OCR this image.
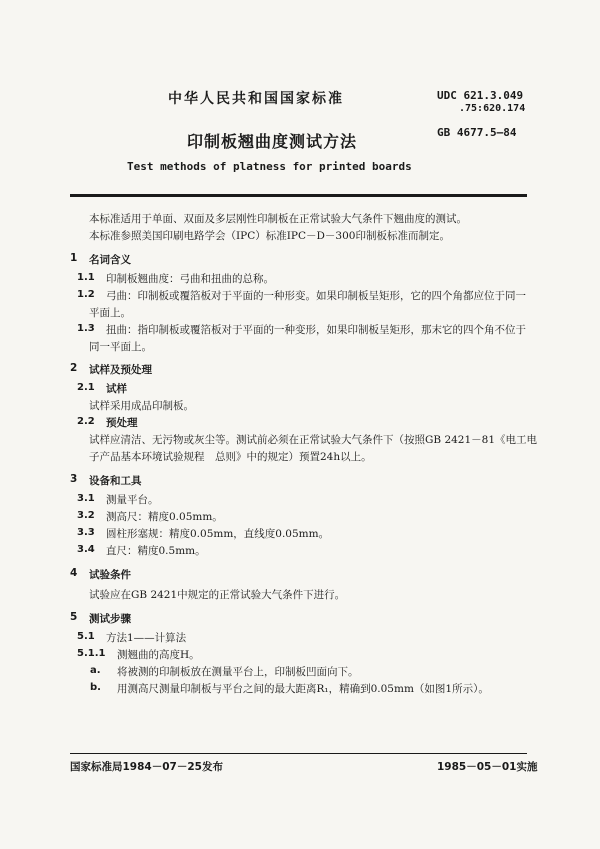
中华人民共和国国家标准	UDC 621.3.049
.75:620.174
印制板翘曲度测试方法	GB 4677.5—84
Test methods of platness for printed boards
本标准适用于单面、双面及多层刚性印制板在正常试验大气条件下翘曲度的测试。
本标准参照美国印刷电路学会（IPC）标准IPC－D－300印制板标准而制定。
1 名词含义
1.1 印制板翘曲度：弓曲和扭曲的总称。
1.2 弓曲：印制板或覆箔板对于平面的一种形变。如果印制板呈矩形，它的四个角都应位于同一
平面上。
1.3 扭曲：指印制板或覆箔板对于平面的一种变形，如果印制板呈矩形，那末它的四个角不位于
同一平面上。
2 试样及预处理
2.1 试样
试样采用成品印制板。
2.2 预处理
试样应清洁、无污物或灰尘等。测试前必须在正常试验大气条件下（按照GB 2421－81《电工电
子产品基本环境试验规程　总则》中的规定）预置24h以上。
3 设备和工具
3.1 测量平台。
3.2 测高尺：精度0.05mm。
3.3 圆柱形塞规：精度0.05mm，直线度0.05mm。
3.4 直尺：精度0.5mm。
4 试验条件
试验应在GB 2421中规定的正常试验大气条件下进行。
5 测试步骤
5.1 方法1——计算法
5.1.1 测翘曲的高度H。
a. 将被测的印制板放在测量平台上，印制板凹面向下。
b. 用测高尺测量印制板与平台之间的最大距离R₁，精确到0.05mm（如图1所示）。
国家标准局1984－07－25发布	1985－05－01实施
